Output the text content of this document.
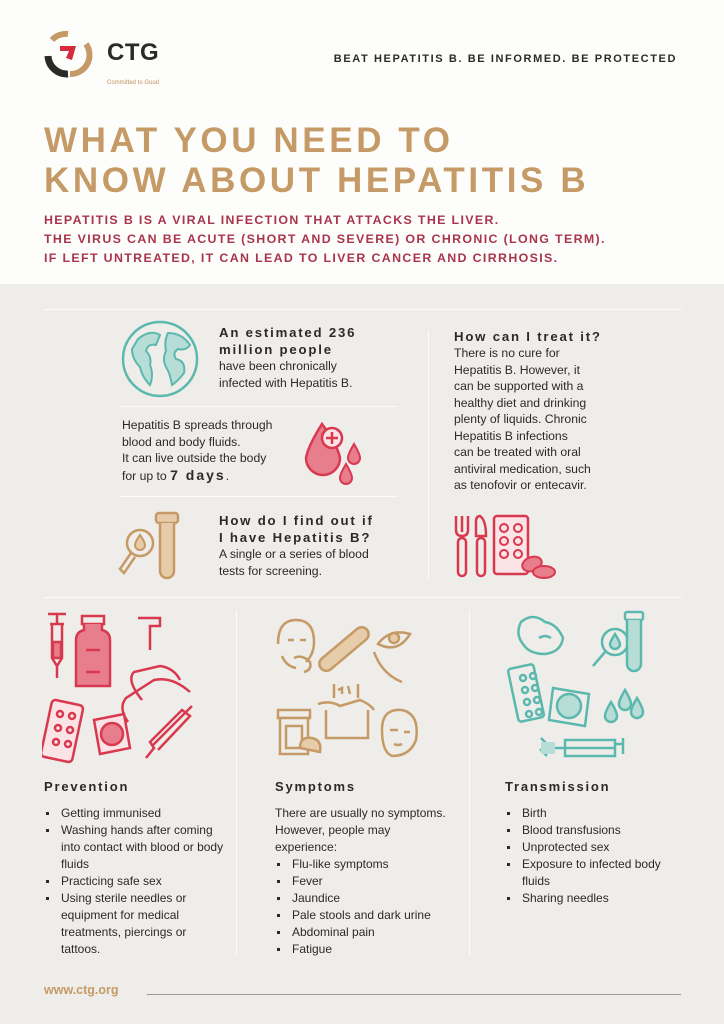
CTG
Committed to Good
BEAT HEPATITIS B. BE INFORMED. BE PROTECTED
WHAT YOU NEED TO
KNOW ABOUT HEPATITIS B
HEPATITIS B IS A VIRAL INFECTION THAT ATTACKS THE LIVER.
THE VIRUS CAN BE ACUTE (SHORT AND SEVERE) OR CHRONIC (LONG TERM).
IF LEFT UNTREATED, IT CAN LEAD TO LIVER CANCER AND CIRRHOSIS.
An estimated 236
million people
have been chronically
infected with Hepatitis B.
Hepatitis B spreads through
blood and body fluids.
It can live outside the body
for up to 7 days.
How do I find out if
I have Hepatitis B?
A single or a series of blood
tests for screening.
How can I treat it?
There is no cure for
Hepatitis B. However, it
can be supported with a
healthy diet and drinking
plenty of liquids. Chronic
Hepatitis B infections
can be treated with oral
antiviral medication, such
as tenofovir or entecavir.
Prevention
Getting immunised
Washing hands after coming into contact with blood or body fluids
Practicing safe sex
Using sterile needles or equipment for medical treatments, piercings or tattoos.
Symptoms
There are usually no symptoms. However, people may experience:
Flu-like symptoms
Fever
Jaundice
Pale stools and dark urine
Abdominal pain
Fatigue
Transmission
Birth
Blood transfusions
Unprotected sex
Exposure to infected body fluids
Sharing needles
www.ctg.org
